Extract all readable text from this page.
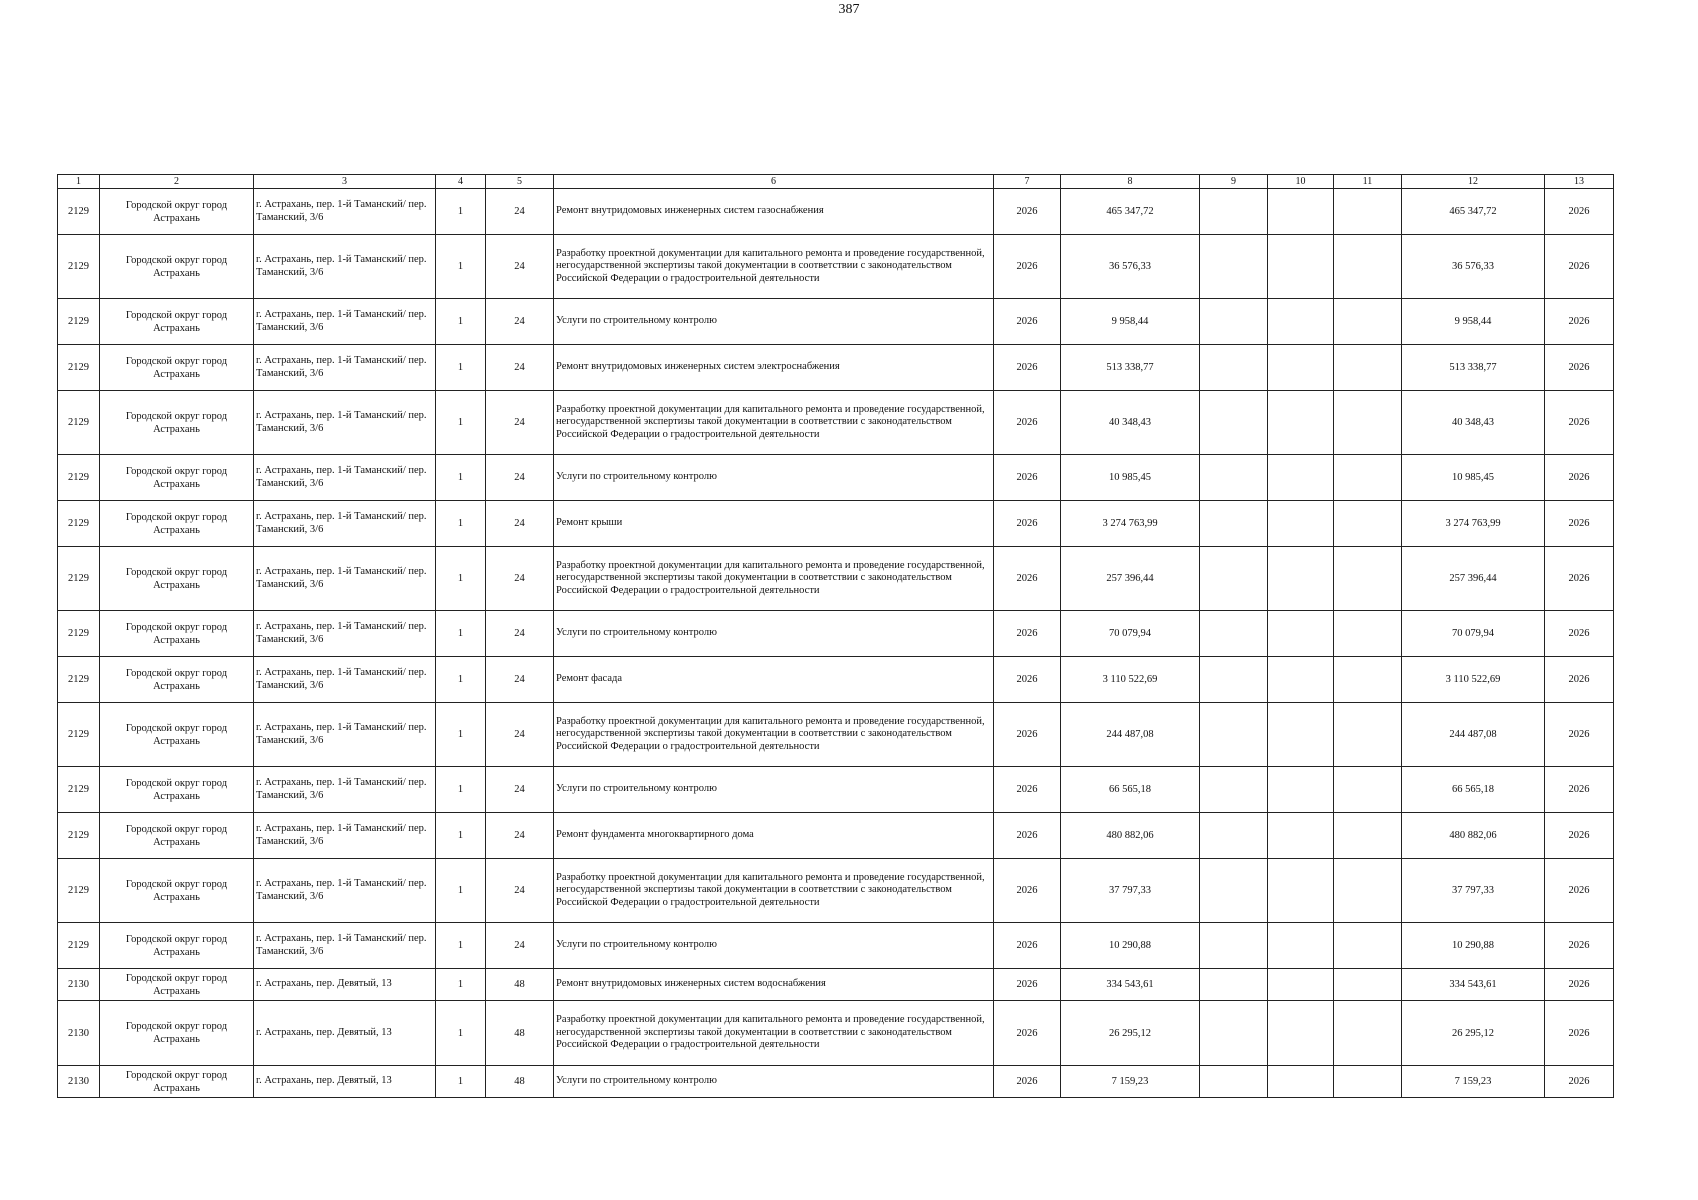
387
1	2	3	4	5	6	7	8	9	10	11	12	13
2129	Городской округ город Астрахань	г. Астрахань, пер. 1-й Таманский/ пер. Таманский, 3/6	1	24	Ремонт внутридомовых инженерных систем газоснабжения	2026	465 347,72				465 347,72	2026
2129	Городской округ город Астрахань	г. Астрахань, пер. 1-й Таманский/ пер. Таманский, 3/6	1	24	Разработку проектной документации для капитального ремонта и проведение государственной, негосударственной экспертизы такой документации в соответствии с законодательством Российской Федерации о градостроительной деятельности	2026	36 576,33				36 576,33	2026
2129	Городской округ город Астрахань	г. Астрахань, пер. 1-й Таманский/ пер. Таманский, 3/6	1	24	Услуги по строительному контролю	2026	9 958,44				9 958,44	2026
2129	Городской округ город Астрахань	г. Астрахань, пер. 1-й Таманский/ пер. Таманский, 3/6	1	24	Ремонт внутридомовых инженерных систем электроснабжения	2026	513 338,77				513 338,77	2026
2129	Городской округ город Астрахань	г. Астрахань, пер. 1-й Таманский/ пер. Таманский, 3/6	1	24	Разработку проектной документации для капитального ремонта и проведение государственной, негосударственной экспертизы такой документации в соответствии с законодательством Российской Федерации о градостроительной деятельности	2026	40 348,43				40 348,43	2026
2129	Городской округ город Астрахань	г. Астрахань, пер. 1-й Таманский/ пер. Таманский, 3/6	1	24	Услуги по строительному контролю	2026	10 985,45				10 985,45	2026
2129	Городской округ город Астрахань	г. Астрахань, пер. 1-й Таманский/ пер. Таманский, 3/6	1	24	Ремонт крыши	2026	3 274 763,99				3 274 763,99	2026
2129	Городской округ город Астрахань	г. Астрахань, пер. 1-й Таманский/ пер. Таманский, 3/6	1	24	Разработку проектной документации для капитального ремонта и проведение государственной, негосударственной экспертизы такой документации в соответствии с законодательством Российской Федерации о градостроительной деятельности	2026	257 396,44				257 396,44	2026
2129	Городской округ город Астрахань	г. Астрахань, пер. 1-й Таманский/ пер. Таманский, 3/6	1	24	Услуги по строительному контролю	2026	70 079,94				70 079,94	2026
2129	Городской округ город Астрахань	г. Астрахань, пер. 1-й Таманский/ пер. Таманский, 3/6	1	24	Ремонт фасада	2026	3 110 522,69				3 110 522,69	2026
2129	Городской округ город Астрахань	г. Астрахань, пер. 1-й Таманский/ пер. Таманский, 3/6	1	24	Разработку проектной документации для капитального ремонта и проведение государственной, негосударственной экспертизы такой документации в соответствии с законодательством Российской Федерации о градостроительной деятельности	2026	244 487,08				244 487,08	2026
2129	Городской округ город Астрахань	г. Астрахань, пер. 1-й Таманский/ пер. Таманский, 3/6	1	24	Услуги по строительному контролю	2026	66 565,18				66 565,18	2026
2129	Городской округ город Астрахань	г. Астрахань, пер. 1-й Таманский/ пер. Таманский, 3/6	1	24	Ремонт фундамента многоквартирного дома	2026	480 882,06				480 882,06	2026
2129	Городской округ город Астрахань	г. Астрахань, пер. 1-й Таманский/ пер. Таманский, 3/6	1	24	Разработку проектной документации для капитального ремонта и проведение государственной, негосударственной экспертизы такой документации в соответствии с законодательством Российской Федерации о градостроительной деятельности	2026	37 797,33				37 797,33	2026
2129	Городской округ город Астрахань	г. Астрахань, пер. 1-й Таманский/ пер. Таманский, 3/6	1	24	Услуги по строительному контролю	2026	10 290,88				10 290,88	2026
2130	Городской округ город Астрахань	г. Астрахань, пер. Девятый, 13	1	48	Ремонт внутридомовых инженерных систем водоснабжения	2026	334 543,61				334 543,61	2026
2130	Городской округ город Астрахань	г. Астрахань, пер. Девятый, 13	1	48	Разработку проектной документации для капитального ремонта и проведение государственной, негосударственной экспертизы такой документации в соответствии с законодательством Российской Федерации о градостроительной деятельности	2026	26 295,12				26 295,12	2026
2130	Городской округ город Астрахань	г. Астрахань, пер. Девятый, 13	1	48	Услуги по строительному контролю	2026	7 159,23				7 159,23	2026
